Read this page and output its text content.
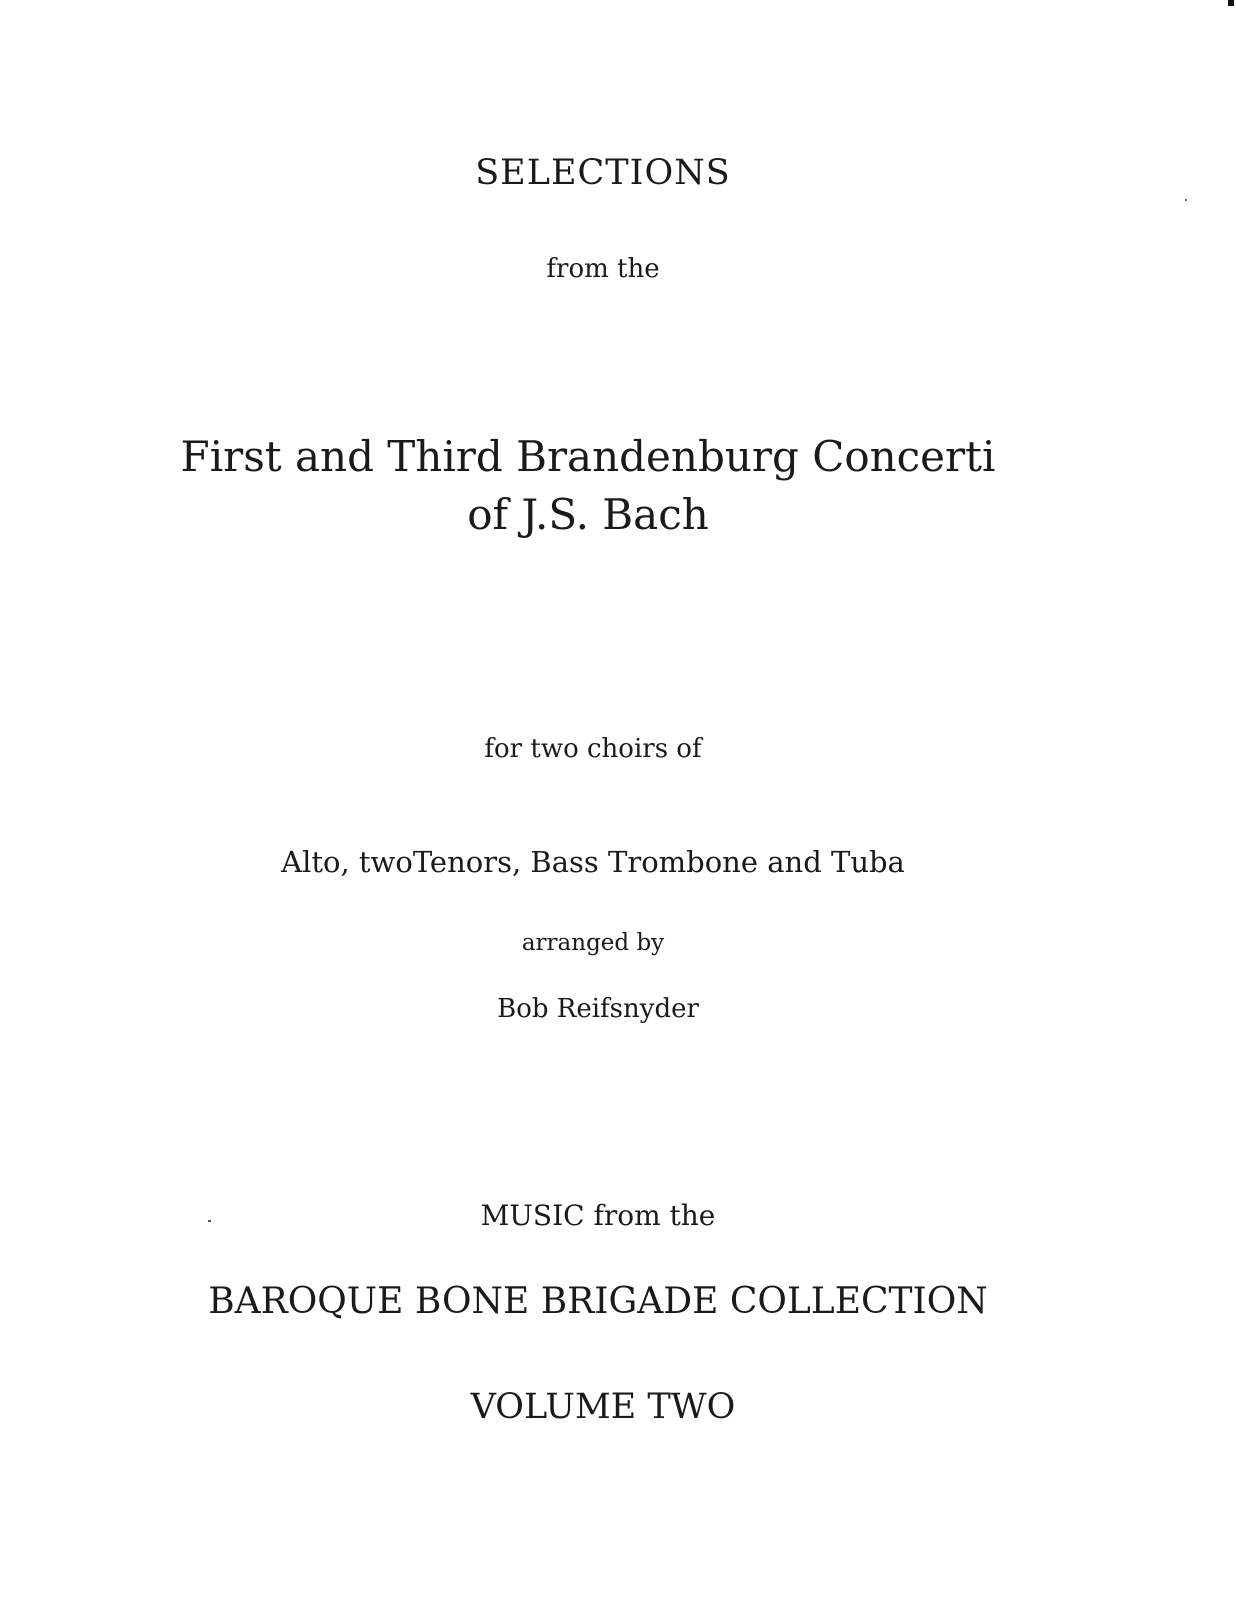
SELECTIONS
from the
First and Third Brandenburg Concerti
of J.S. Bach
for two choirs of
Alto, twoTenors, Bass Trombone and Tuba
arranged by
Bob Reifsnyder
MUSIC from the
BAROQUE BONE BRIGADE COLLECTION
VOLUME TWO
